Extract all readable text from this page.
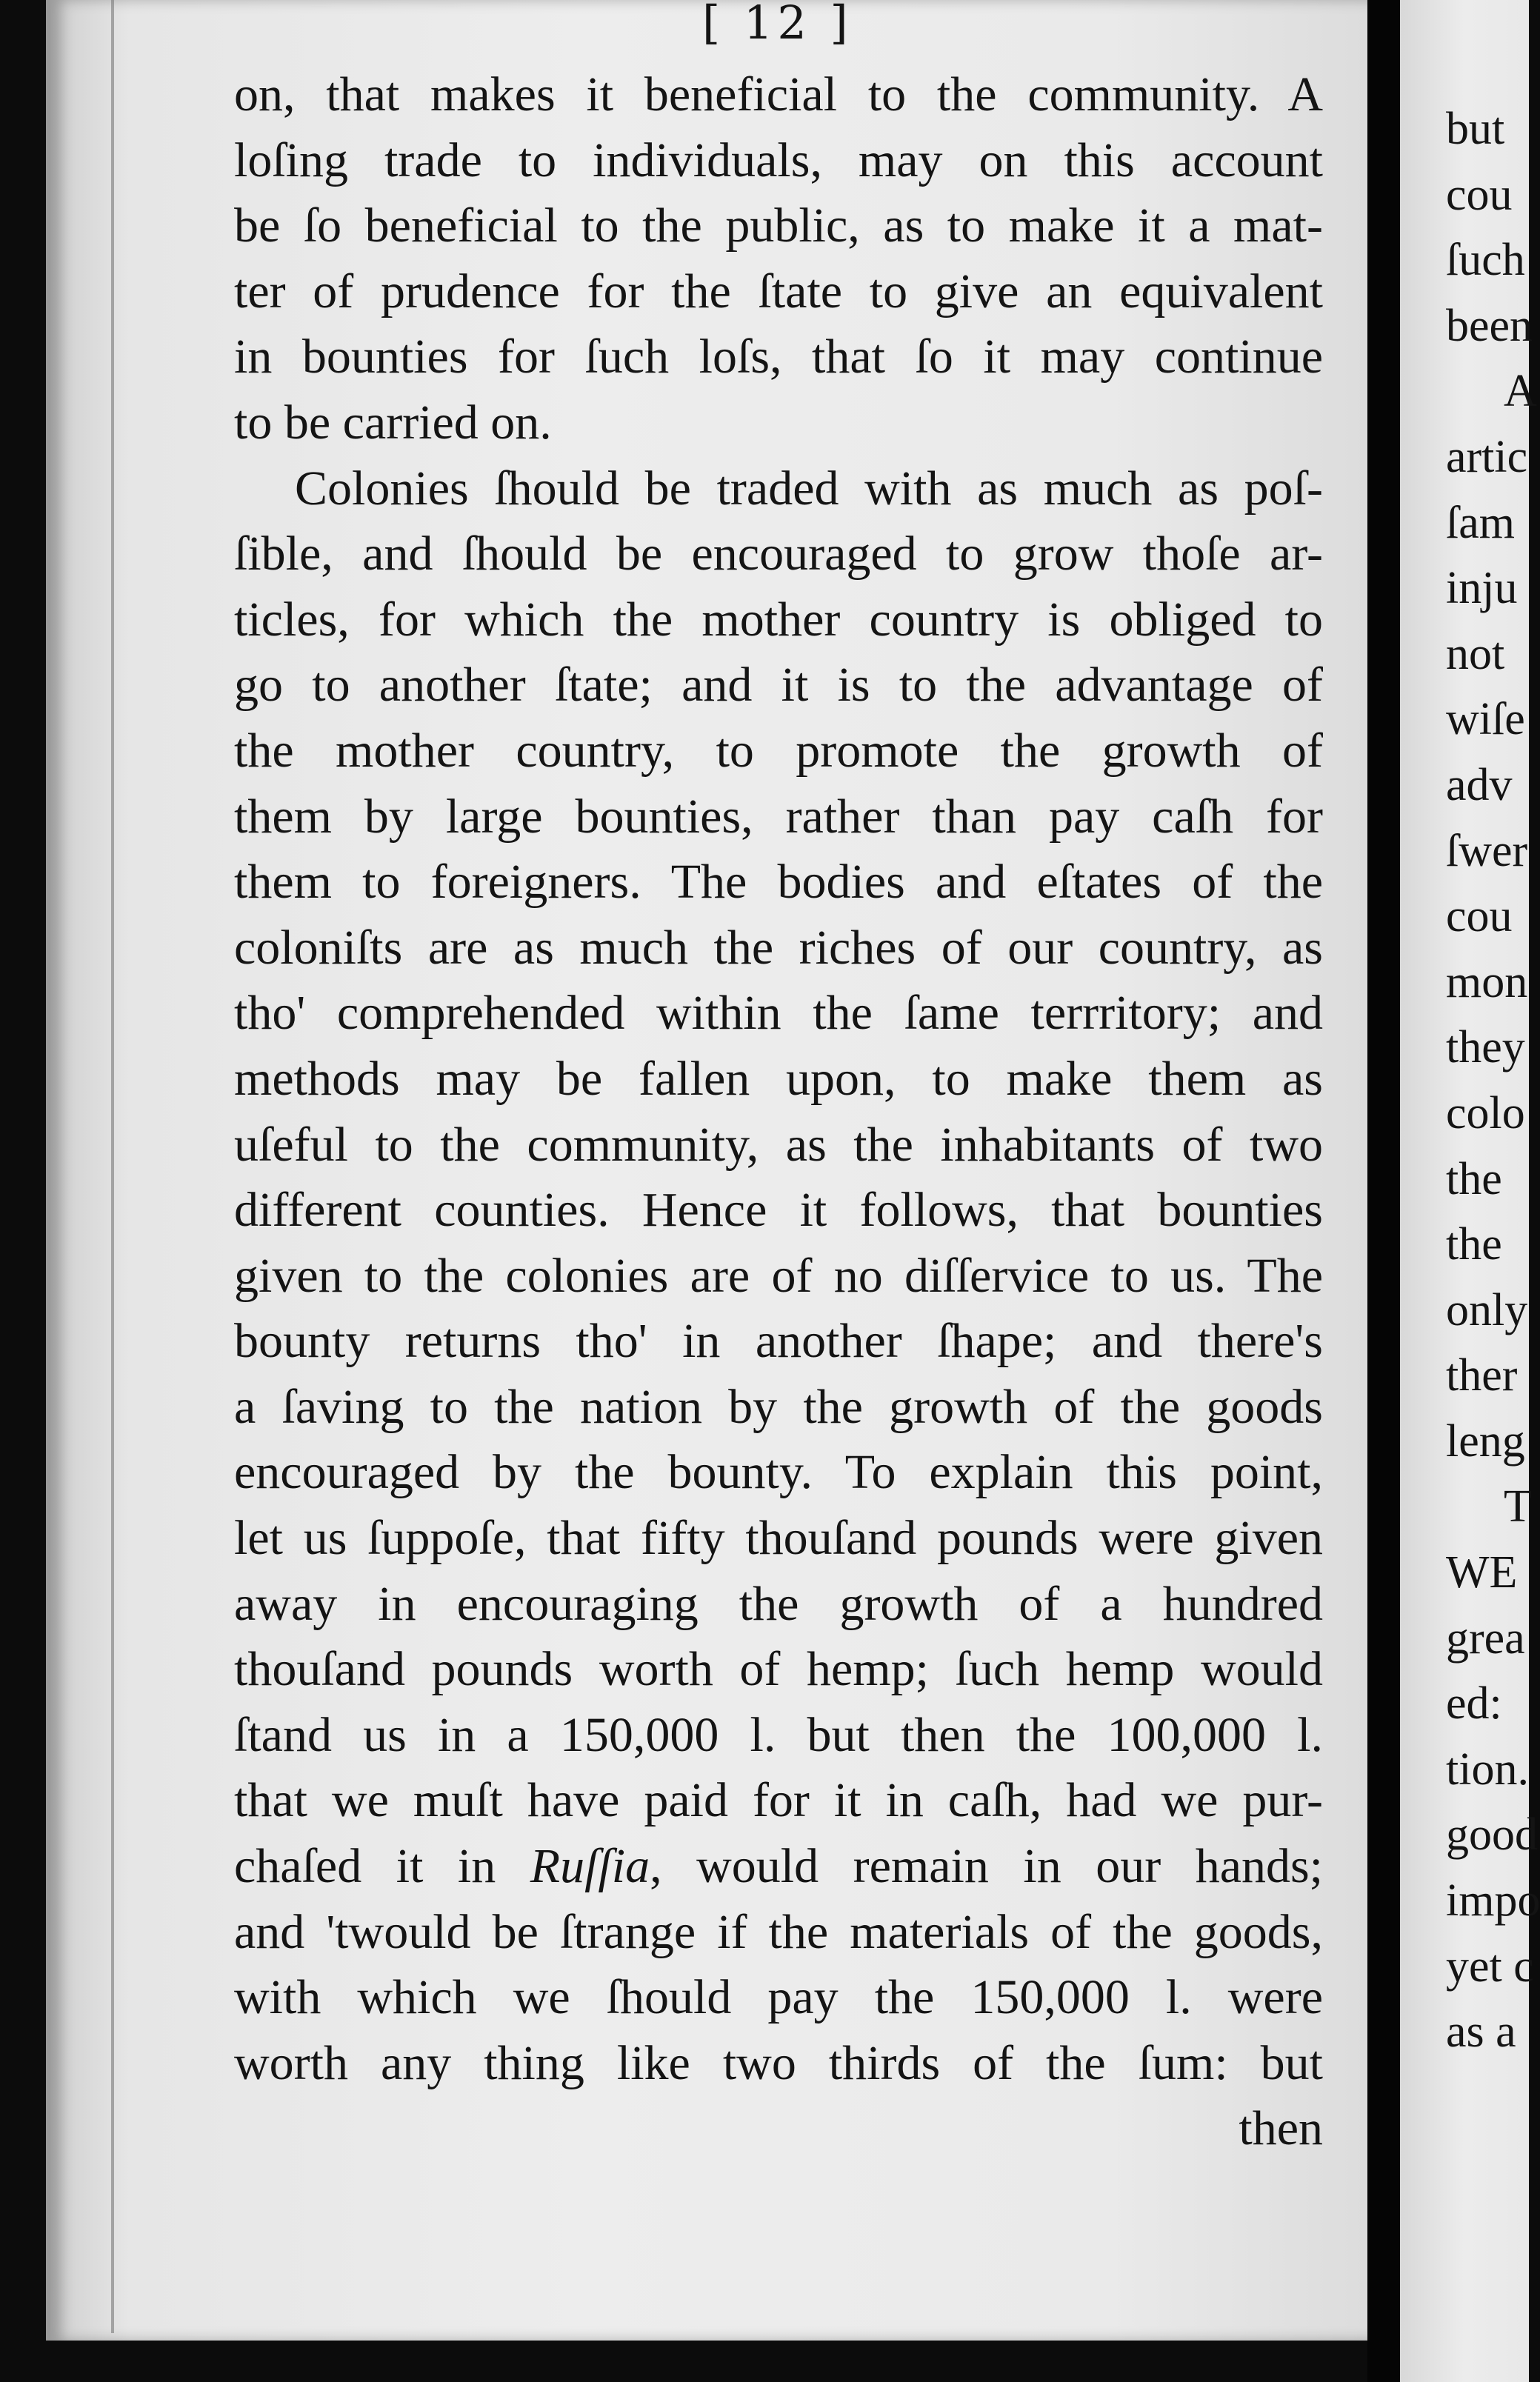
[ 12 ]
on, that makes it beneficial to the community. A
loſing trade to individuals, may on this account
be ſo beneficial to the public, as to make it a mat-
ter of prudence for the ſtate to give an equivalent
in bounties for ſuch loſs, that ſo it may continue
to be carried on.
Colonies ſhould be traded with as much as poſ-
ſible, and ſhould be encouraged to grow thoſe ar-
ticles, for which the mother country is obliged to
go to another ſtate; and it is to the advantage of
the mother country, to promote the growth of
them by large bounties, rather than pay caſh for
them to foreigners. The bodies and eſtates of the
coloniſts are as much the riches of our country, as
tho' comprehended within the ſame terrritory; and
methods may be fallen upon, to make them as
uſeful to the community, as the inhabitants of two
different counties. Hence it follows, that bounties
given to the colonies are of no diſſervice to us. The
bounty returns tho' in another ſhape; and there's
a ſaving to the nation by the growth of the goods
encouraged by the bounty. To explain this point,
let us ſuppoſe, that fifty thouſand pounds were given
away in encouraging the growth of a hundred
thouſand pounds worth of hemp; ſuch hemp would
ſtand us in a 150,000 l. but then the 100,000 l.
that we muſt have paid for it in caſh, had we pur-
chaſed it in Ruſſia, would remain in our hands;
and 'twould be ſtrange if the materials of the goods,
with which we ſhould pay the 150,000 l. were
worth any thing like two thirds of the ſum: but
then
but
cou
ſuch
been
A
artic
ſam
inju
not
wiſe
adv
ſwer
cou
mon
they
colo
the
the
only
ther
leng
T
WE
grea
ed:
tion.
good
impo
yet c
as a
